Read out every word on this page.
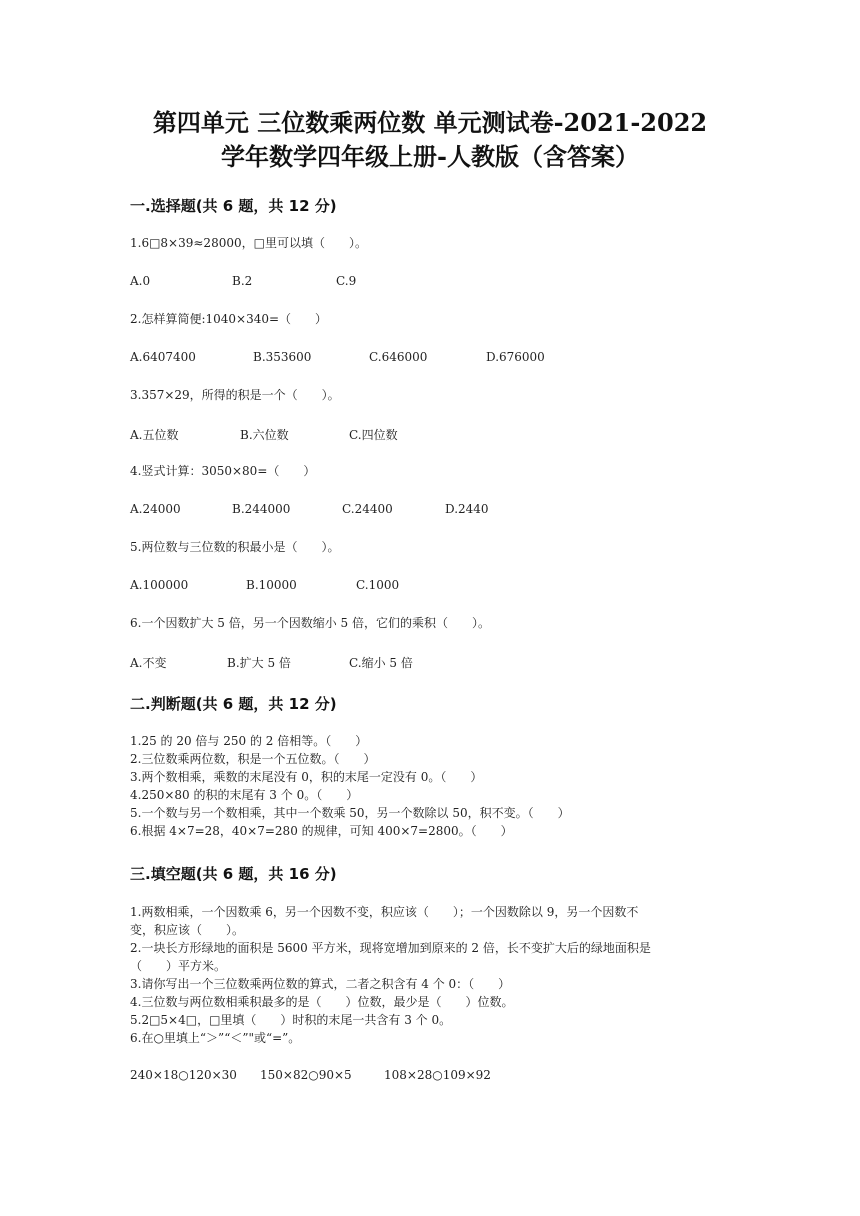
第四单元 三位数乘两位数 单元测试卷-2021-2022
学年数学四年级上册-人教版（含答案）
一.选择题(共 6 题，共 12 分)
1.6□8×39≈28000，□里可以填（　　）。
A.0	B.2	C.9
2.怎样算简便:1040×340=（　　）
A.6407400	B.353600	C.646000	D.676000
3.357×29，所得的积是一个（　　）。
A.五位数	B.六位数	C.四位数
4.竖式计算：3050×80=（　　）
A.24000	B.244000	C.24400	D.2440
5.两位数与三位数的积最小是（　　）。
A.100000	B.10000	C.1000
6.一个因数扩大 5 倍，另一个因数缩小 5 倍，它们的乘积（　　）。
A.不变	B.扩大 5 倍	C.缩小 5 倍
二.判断题(共 6 题，共 12 分)
1.25 的 20 倍与 250 的 2 倍相等。（　　）
2.三位数乘两位数，积是一个五位数。（　　）
3.两个数相乘，乘数的末尾没有 0，积的末尾一定没有 0。（　　）
4.250×80 的积的末尾有 3 个 0。（　　）
5.一个数与另一个数相乘，其中一个数乘 50，另一个数除以 50，积不变。（　　）
6.根据 4×7=28，40×7=280 的规律，可知 400×7=2800。（　　）
三.填空题(共 6 题，共 16 分)
1.两数相乘，一个因数乘 6，另一个因数不变，积应该（　　）；一个因数除以 9，另一个因数不
变，积应该（　　）。
2.一块长方形绿地的面积是 5600 平方米，现将宽增加到原来的 2 倍，长不变扩大后的绿地面积是
（　　）平方米。
3.请你写出一个三位数乘两位数的算式，二者之积含有 4 个 0：（　　）
4.三位数与两位数相乘积最多的是（　　）位数，最少是（　　）位数。
5.2□5×4□，□里填（　　）时积的末尾一共含有 3 个 0。
6.在○里填上“＞”“＜”"或“=”。
240×18○120×30 150×82○90×5	108×28○109×92
